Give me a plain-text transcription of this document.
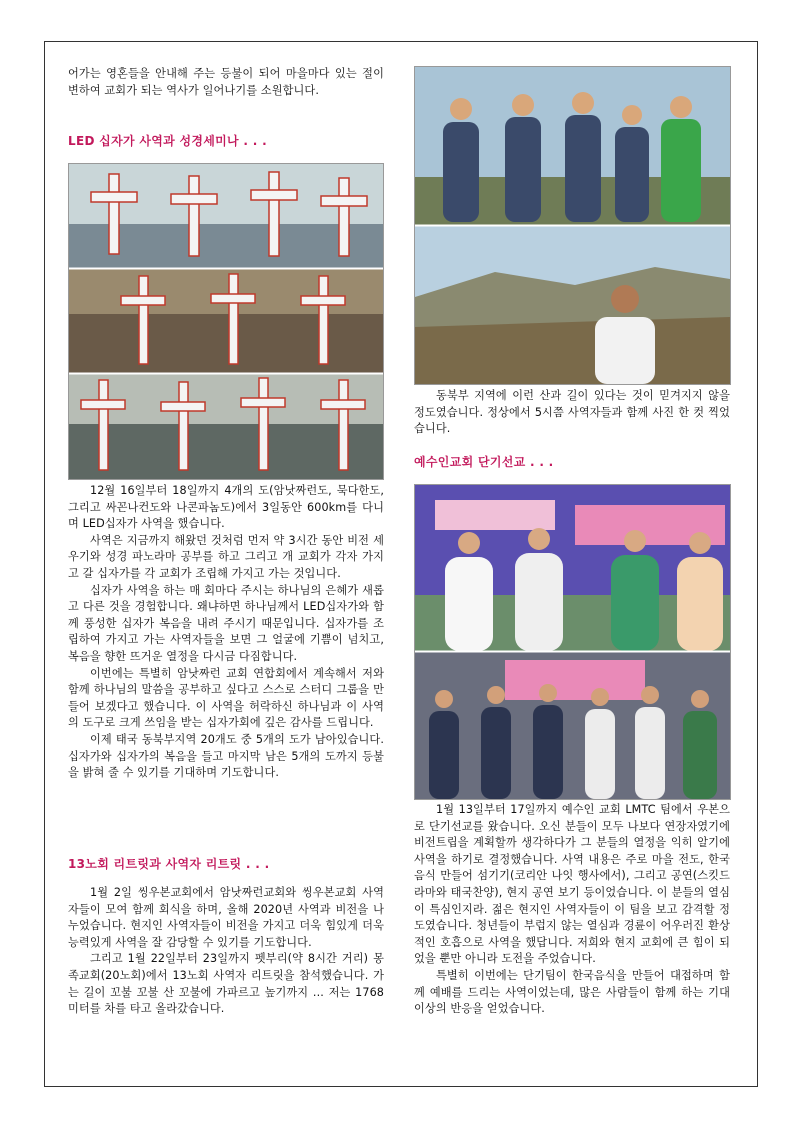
어가는 영혼들을 안내해 주는 등불이 되어 마을마다 있는 절이 변하여 교회가 되는 역사가 일어나기를 소원합니다.

LED 십자가 사역과 성경세미나 . . .

12월 16일부터 18일까지 4개의 도(암낫짜런도, 묵다한도, 그리고 싸꼰나컨도와 나콘파놈도)에서 3일동안 600km를 다니며 LED십자가 사역을 했습니다.

사역은 지금까지 해왔던 것처럼 먼저 약 3시간 동안 비전 세우기와 성경 파노라마 공부를 하고 그리고 개 교회가 각자 가지고 갈 십자가를 각 교회가 조립해 가지고 가는 것입니다.

십자가 사역을 하는 매 회마다 주시는 하나님의 은혜가 새롭고 다른 것을 경험합니다. 왜냐하면 하나님께서 LED십자가와 함께 풍성한 십자가 복음을 내려 주시기 때문입니다. 십자가를 조립하여 가지고 가는 사역자들을 보면 그 얼굴에 기쁨이 넘치고, 복음을 향한 뜨거운 열정을 다시금 다짐합니다.

이번에는 특별히 암낫짜런 교회 연합회에서 계속해서 저와 함께 하나님의 말씀을 공부하고 싶다고 스스로 스터디 그룹을 만들어 보겠다고 했습니다. 이 사역을 허락하신 하나님과 이 사역의 도구로 크게 쓰임을 받는 십자가회에 깊은 감사를 드립니다.

이제 태국 동북부지역 20개도 중 5개의 도가 남아있습니다. 십자가와 십자가의 복음을 들고 마지막 남은 5개의 도까지 등불을 밝혀 줄 수 있기를 기대하며 기도합니다.

13노회 리트릿과 사역자 리트릿 . . .

1월 2일 씽우본교회에서 암낫짜런교회와 씽우본교회 사역자들이 모여 함께 회식을 하며, 올해 2020년 사역과 비전을 나누었습니다. 현지인 사역자들이 비전을 가지고 더욱 힘있게 더욱 능력있게 사역을 잘 감당할 수 있기를 기도합니다.

그리고 1월 22일부터 23일까지 펫부리(약 8시간 거리) 몽족교회(20노회)에서 13노회 사역자 리트릿을 참석했습니다. 가는 길이 꼬불 꼬불 산 꼬불에 가파르고 높기까지 ... 저는 1768미터를 차를 타고 올라갔습니다.

동북부 지역에 이런 산과 길이 있다는 것이 믿겨지지 않을 정도였습니다. 정상에서 5시쯤 사역자들과 함께 사진 한 컷 찍었습니다.

예수인교회 단기선교 . . .

1월 13일부터 17일까지 예수인 교회 LMTC 팀에서 우본으로 단기선교를 왔습니다. 오신 분들이 모두 나보다 연장자였기에 비전트립을 계획할까 생각하다가 그 분들의 열정을 익히 알기에 사역을 하기로 결정했습니다. 사역 내용은 주로 마을 전도, 한국 음식 만들어 섬기기(코리안 나잇 행사에서), 그리고 공연(스킷드라마와 태국찬양), 현지 공연 보기 등이었습니다. 이 분들의 열심이 특심인지라. 젊은 현지인 사역자들이 이 팀을 보고 감격할 정도였습니다. 청년들이 부럽지 않는 열심과 경륜이 어우러진 환상적인 호흡으로 사역을 했답니다. 저희와 현지 교회에 큰 힘이 되었을 뿐만 아니라 도전을 주었습니다.

특별히 이번에는 단기팀이 한국음식을 만들어 대접하며 함께 예배를 드리는 사역이었는데, 많은 사람들이 함께 하는 기대 이상의 반응을 얻었습니다.
